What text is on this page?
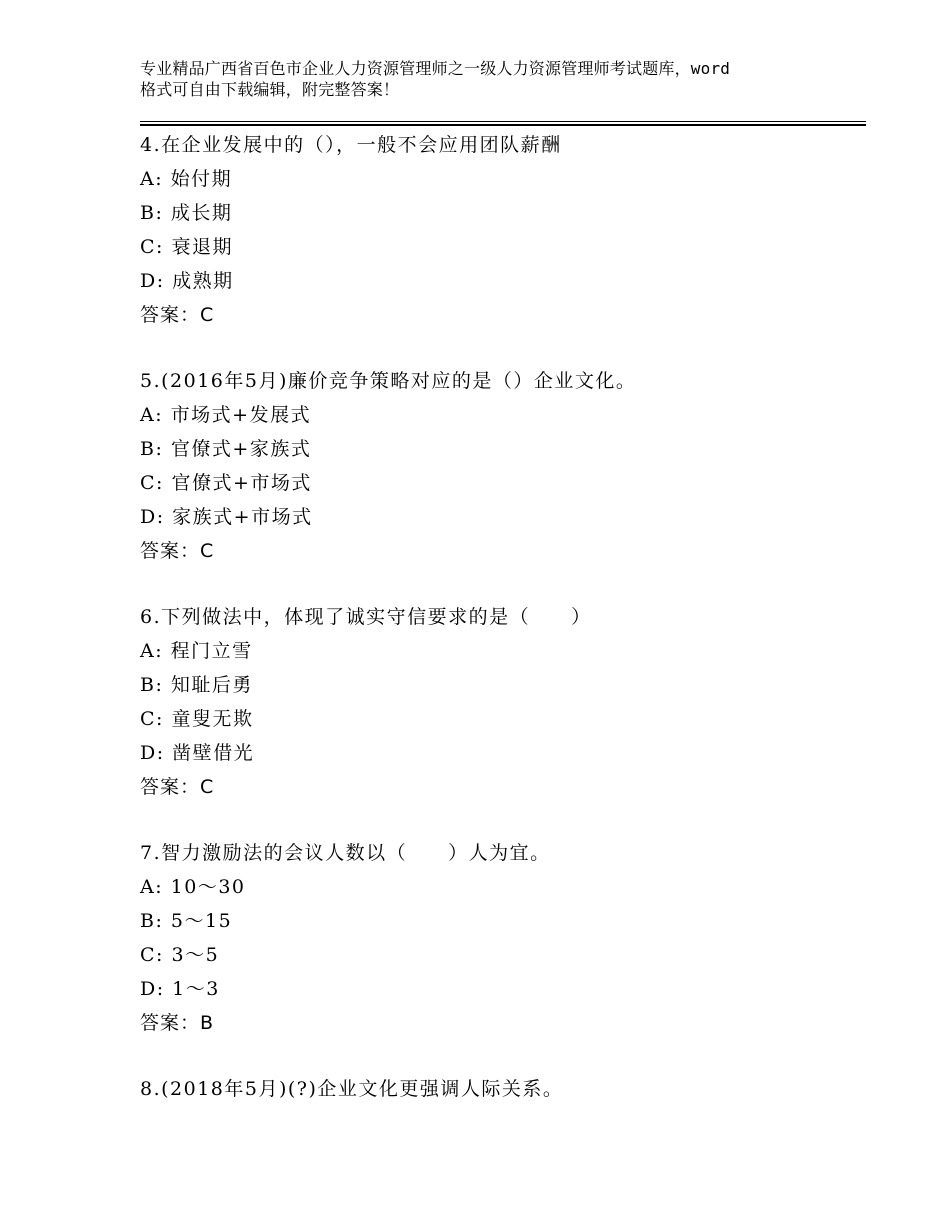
专业精品广西省百色市企业人力资源管理师之一级人力资源管理师考试题库，word
格式可自由下载编辑，附完整答案！
4.在企业发展中的（），一般不会应用团队薪酬
A: 始付期
B: 成长期
C: 衰退期
D: 成熟期
答案：C
5.(2016年5月)廉价竞争策略对应的是（）企业文化。
A: 市场式+发展式
B: 官僚式+家族式
C: 官僚式+市场式
D: 家族式+市场式
答案：C
6.下列做法中，体现了诚实守信要求的是（　　）
A: 程门立雪
B: 知耻后勇
C: 童叟无欺
D: 凿壁借光
答案：C
7.智力激励法的会议人数以（　　）人为宜。
A: 10～30
B: 5～15
C: 3～5
D: 1～3
答案：B
8.(2018年5月)(?)企业文化更强调人际关系。
